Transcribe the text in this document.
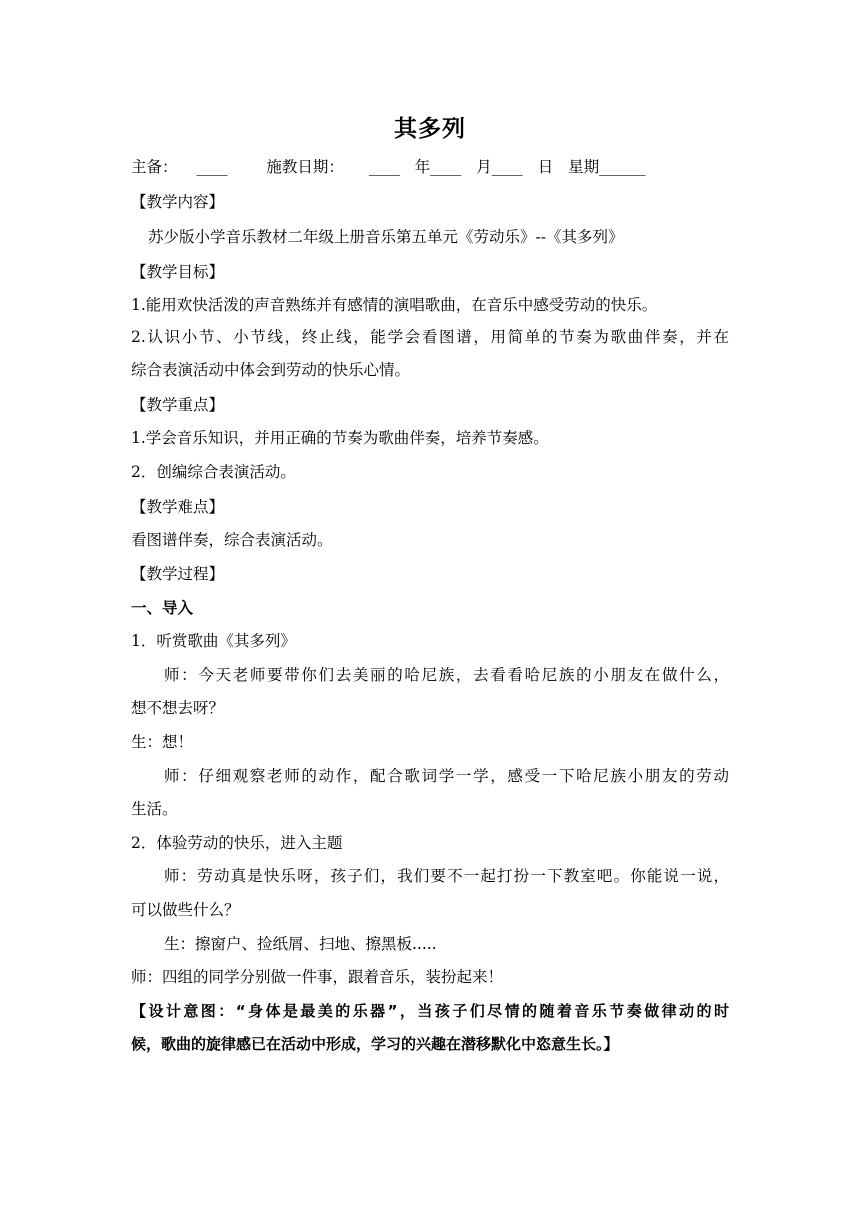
其多列
主备： ____	施教日期： ____ 年____ 月____ 日 星期______
【教学内容】
苏少版小学音乐教材二年级上册音乐第五单元《劳动乐》--《其多列》
【教学目标】
1.能用欢快活泼的声音熟练并有感情的演唱歌曲，在音乐中感受劳动的快乐。
2.认识小节、小节线，终止线，能学会看图谱，用简单的节奏为歌曲伴奏，并在
综合表演活动中体会到劳动的快乐心情。
【教学重点】
1.学会音乐知识，并用正确的节奏为歌曲伴奏，培养节奏感。
2．创编综合表演活动。
【教学难点】
看图谱伴奏，综合表演活动。
【教学过程】
一、导入
1．听赏歌曲《其多列》
师：今天老师要带你们去美丽的哈尼族，去看看哈尼族的小朋友在做什么，
想不想去呀？
生：想！
师：仔细观察老师的动作，配合歌词学一学，感受一下哈尼族小朋友的劳动
生活。
2．体验劳动的快乐，进入主题
师：劳动真是快乐呀，孩子们，我们要不一起打扮一下教室吧。你能说一说，
可以做些什么？
生：擦窗户、捡纸屑、扫地、擦黑板.....
师：四组的同学分别做一件事，跟着音乐，装扮起来！
【设计意图：“身体是最美的乐器”，当孩子们尽情的随着音乐节奏做律动的时
候，歌曲的旋律感已在活动中形成，学习的兴趣在潜移默化中恣意生长。】
